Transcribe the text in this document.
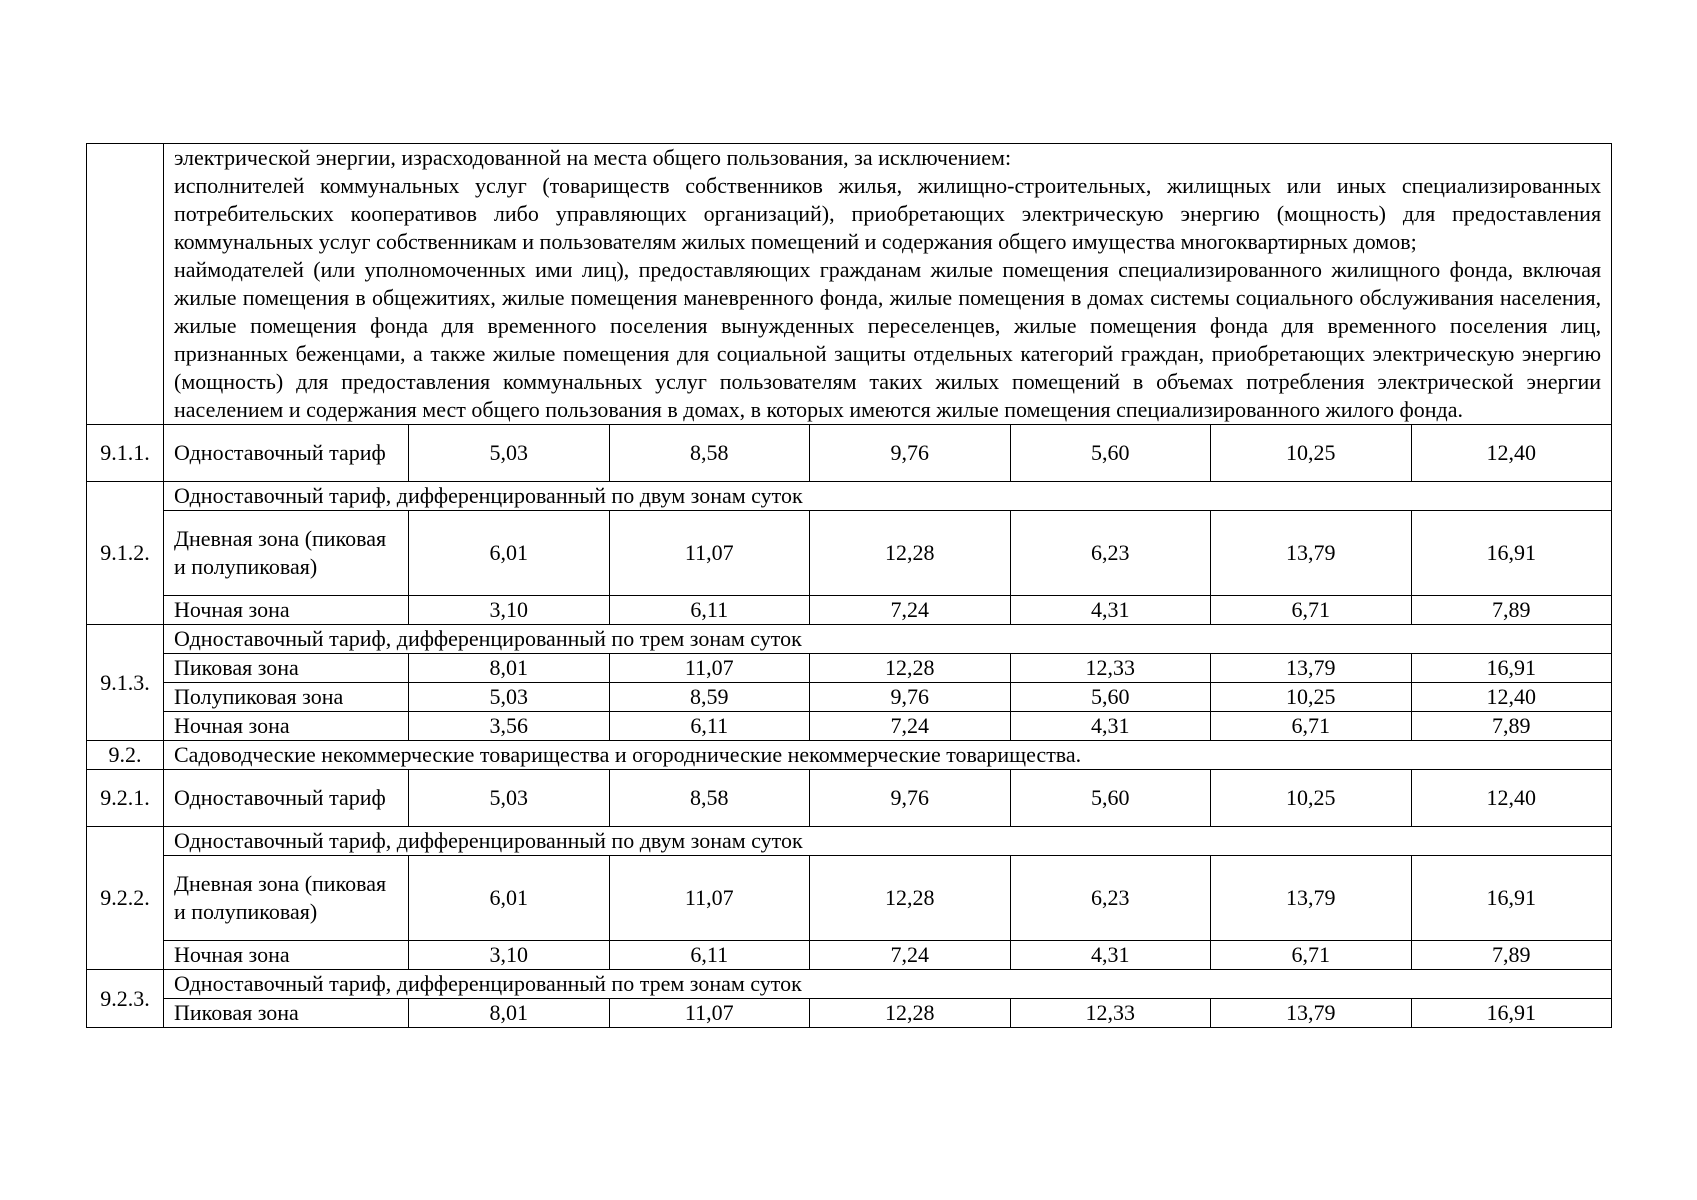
	электрической энергии, израсходованной на места общего пользования, за исключением:

исполнителей коммунальных услуг (товариществ собственников жилья, жилищно-строительных, жилищных или иных специализированных потребительских кооперативов либо управляющих организаций), приобретающих электрическую энергию (мощность) для предоставления коммунальных услуг собственникам и пользователям жилых помещений и содержания общего имущества многоквартирных домов;

наймодателей (или уполномоченных ими лиц), предоставляющих гражданам жилые помещения специализированного жилищного фонда, включая жилые помещения в общежитиях, жилые помещения маневренного фонда, жилые помещения в домах системы социального обслуживания населения, жилые помещения фонда для временного поселения вынужденных переселенцев, жилые помещения фонда для временного поселения лиц, признанных беженцами, а также жилые помещения для социальной защиты отдельных категорий граждан, приобретающих электрическую энергию (мощность) для предоставления коммунальных услуг пользователям таких жилых помещений в объемах потребления электрической энергии населением и содержания мест общего пользования в домах, в которых имеются жилые помещения специализированного жилого фонда.						

9.1.1.	Одноставочный тариф	5,03	8,58	9,76	5,60	10,25	12,40
9.1.2.	Одноставочный тариф, дифференцированный по двум зонам суток						
	Дневная зона (пиковая и полупиковая)	6,01	11,07	12,28	6,23	13,79	16,91
	Ночная зона	3,10	6,11	7,24	4,31	6,71	7,89
9.1.3.	Одноставочный тариф, дифференцированный по трем зонам суток						
	Пиковая зона	8,01	11,07	12,28	12,33	13,79	16,91
	Полупиковая зона	5,03	8,59	9,76	5,60	10,25	12,40
	Ночная зона	3,56	6,11	7,24	4,31	6,71	7,89
9.2.	Садоводческие некоммерческие товарищества и огороднические некоммерческие товарищества.						
9.2.1.	Одноставочный тариф	5,03	8,58	9,76	5,60	10,25	12,40
9.2.2.	Одноставочный тариф, дифференцированный по двум зонам суток						
	Дневная зона (пиковая и полупиковая)	6,01	11,07	12,28	6,23	13,79	16,91
	Ночная зона	3,10	6,11	7,24	4,31	6,71	7,89
9.2.3.	Одноставочный тариф, дифференцированный по трем зонам суток						
	Пиковая зона	8,01	11,07	12,28	12,33	13,79	16,91
